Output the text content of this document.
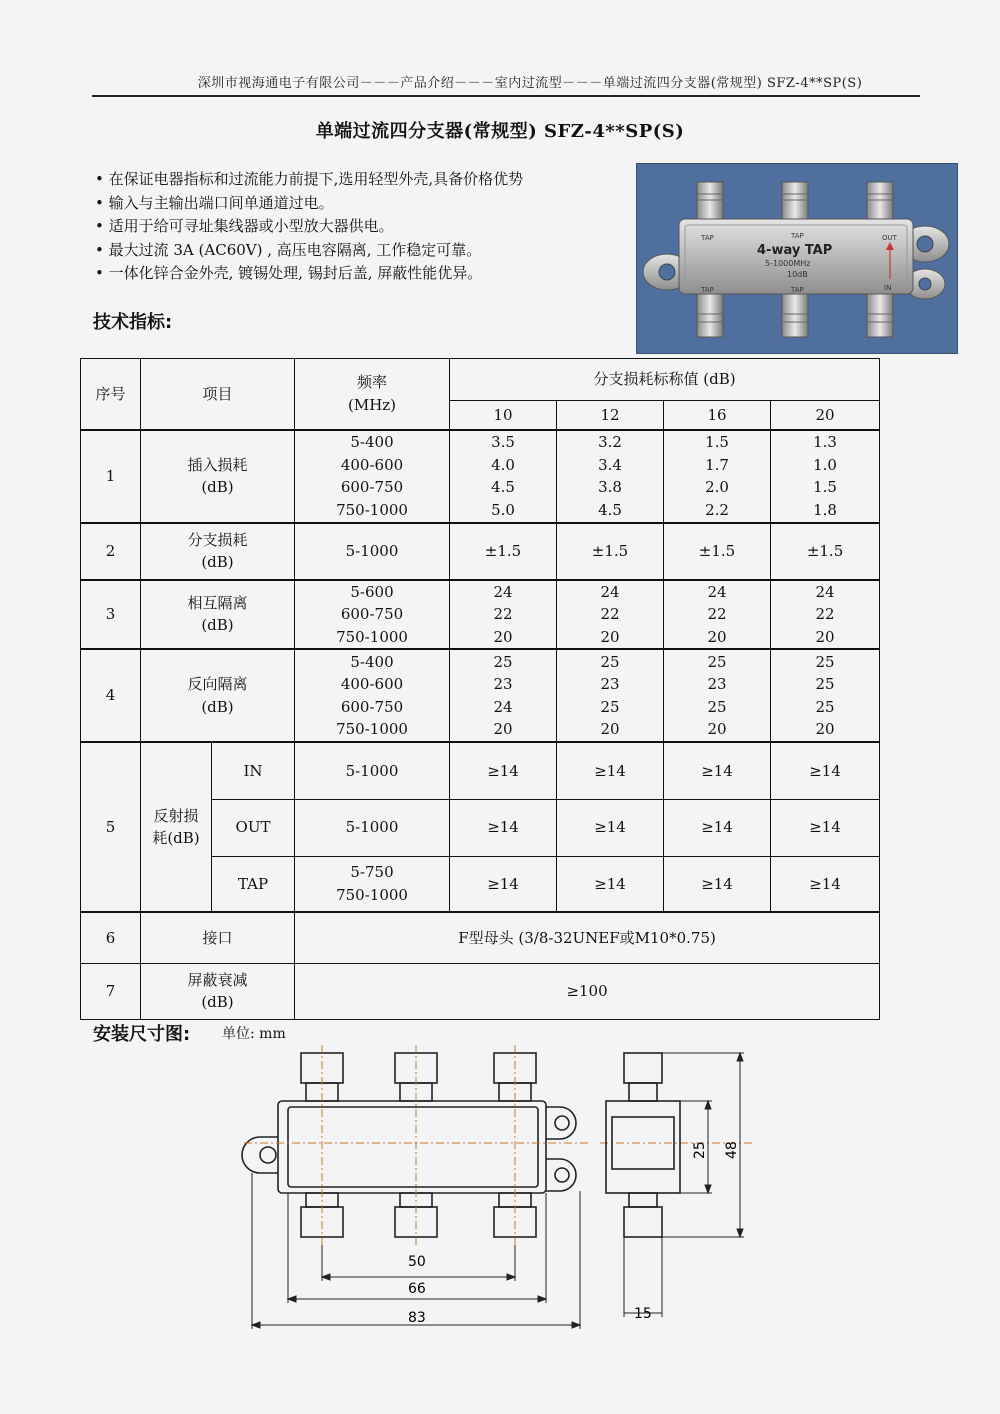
深圳市视海通电子有限公司－－－产品介绍－－－室内过流型－－－单端过流四分支器(常规型) SFZ-4**SP(S)
单端过流四分支器(常规型) SFZ-4**SP(S)
• 在保证电器指标和过流能力前提下,选用轻型外壳,具备价格优势
• 输入与主输出端口间单通道过电。
• 适用于给可寻址集线器或小型放大器供电。
• 最大过流 3A (AC60V) , 高压电容隔离, 工作稳定可靠。
• 一体化锌合金外壳, 镀锡处理, 锡封后盖, 屏蔽性能优异。
技术指标:
TAP	TAP	OUT
4-way TAP
5-1000MHz
10dB
TAP	TAP	IN
序号	项目		频率
(MHz)	分支损耗标称值 (dB)			
				10	12	16	20
1	插入损耗
(dB)		5-400
400-600
600-750
750-1000	3.5
4.0
4.5
5.0	3.2
3.4
3.8
4.5	1.5
1.7
2.0
2.2	1.3
1.0
1.5
1.8
2	分支损耗
(dB)		5-1000	±1.5	±1.5	±1.5	±1.5
3	相互隔离
(dB)		5-600
600-750
750-1000	24
22
20	24
22
20	24
22
20	24
22
20
4	反向隔离
(dB)		5-400
400-600
600-750
750-1000	25
23
24
20	25
23
25
20	25
23
25
20	25
25
25
20
5	反射损
耗(dB)	IN	5-1000	≥14	≥14	≥14	≥14
		OUT	5-1000	≥14	≥14	≥14	≥14
		TAP	5-750
750-1000	≥14	≥14	≥14	≥14
6	接口		F型母头 (3/8-32UNEF或M10*0.75)				
7	屏蔽衰减
(dB)		≥100				
安装尺寸图: 单位: mm
50
66
83
25 48
15
